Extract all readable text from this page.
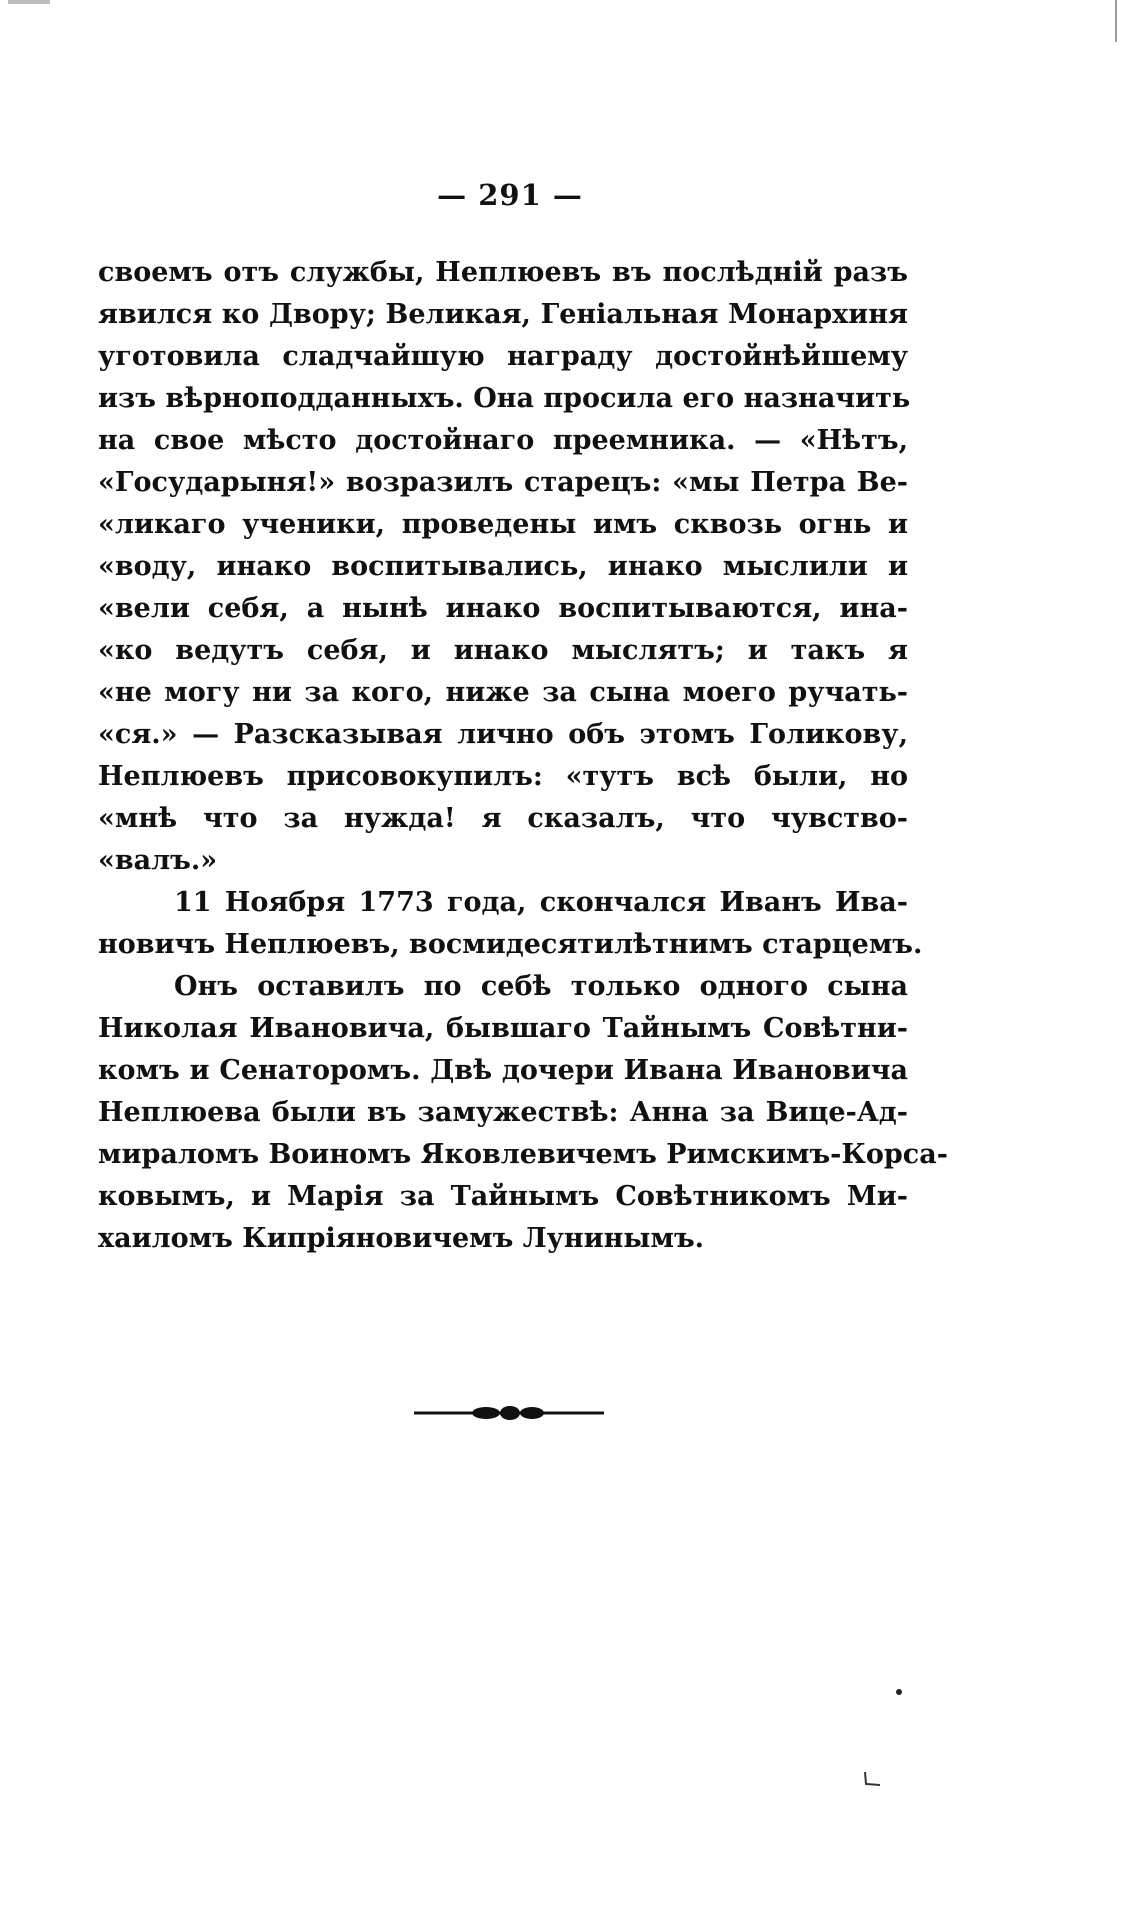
— 291 —
своемъ отъ службы, Неплюевъ въ послѣдній разъ
явился ко Двору; Великая, Геніальная Монархиня
уготовила сладчайшую награду достойнѣйшему
изъ вѣрноподданныхъ. Она просила его назначить
на свое мѣсто достойнаго преемника. — «Нѣтъ,
«Государыня!» возразилъ старецъ: «мы Петра Ве-
«ликаго ученики, проведены имъ сквозь огнь и
«воду, инако воспитывались, инако мыслили и
«вели себя, а нынѣ инако воспитываются, ина-
«ко ведутъ себя, и инако мыслятъ; и такъ я
«не могу ни за кого, ниже за сына моего ручать-
«ся.» — Разсказывая лично объ этомъ Голикову,
Неплюевъ присовокупилъ: «тутъ всѣ были, но
«мнѣ что за нужда! я сказалъ, что чувство-
«валъ.»
11 Ноября 1773 года, скончался Иванъ Ива-
новичъ Неплюевъ, восмидесятилѣтнимъ старцемъ.
Онъ оставилъ по себѣ только одного сына
Николая Ивановича, бывшаго Тайнымъ Совѣтни-
комъ и Сенаторомъ. Двѣ дочери Ивана Ивановича
Неплюева были въ замужествѣ: Анна за Вице-Ад-
мираломъ Воиномъ Яковлевичемъ Римскимъ-Корса-
ковымъ, и Марія за Тайнымъ Совѣтникомъ Ми-
хаиломъ Кипріяновичемъ Лунинымъ.
